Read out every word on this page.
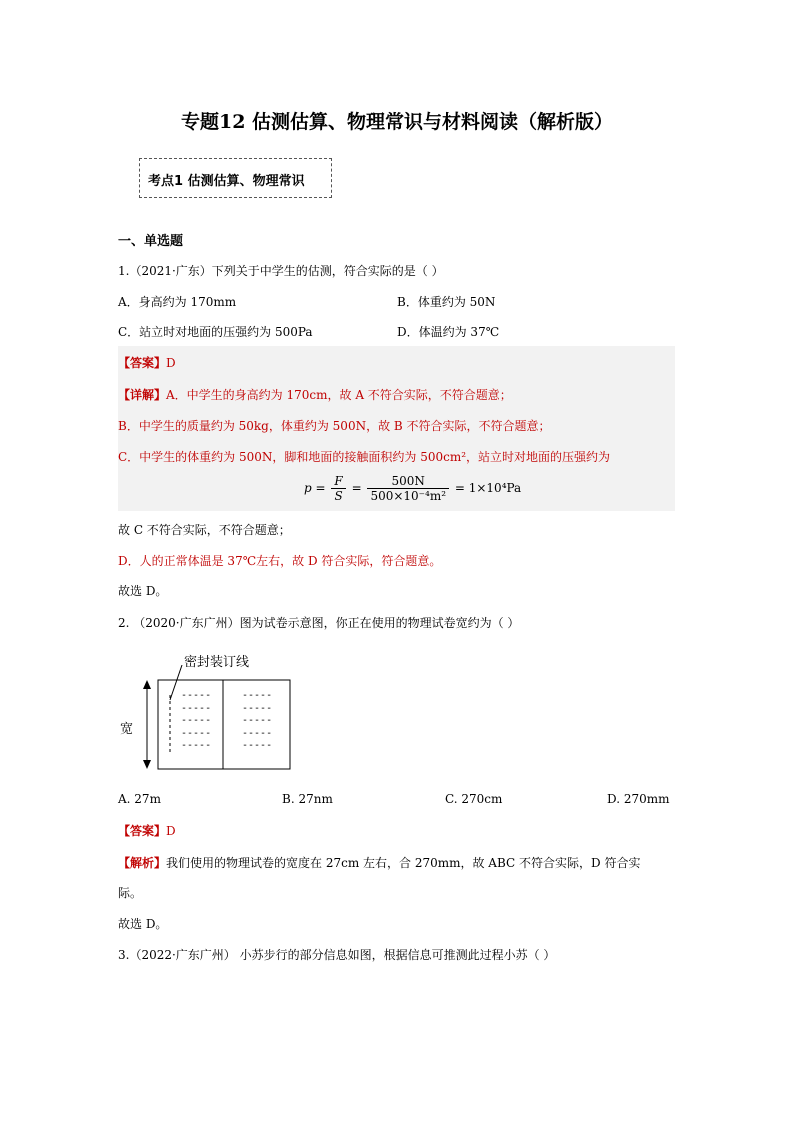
专题12 估测估算、物理常识与材料阅读（解析版）
考点1 估测估算、物理常识
一、单选题
1.（2021·广东）下列关于中学生的估测，符合实际的是（ ）
A．身高约为 170mm	B．体重约为 50N
C．站立时对地面的压强约为 500Pa	D．体温约为 37℃
【答案】D
【详解】A．中学生的身高约为 170cm，故 A 不符合实际，不符合题意；
B．中学生的质量约为 50kg，体重约为 500N，故 B 不符合实际，不符合题意；
C．中学生的体重约为 500N，脚和地面的接触面积约为 500cm²，站立时对地面的压强约为
$p = \frac{F}{S} = \frac{500N}{\text{500×10⁻⁴m²}} = 1\times 10^4Pa$
故 C 不符合实际，不符合题意；
D．人的正常体温是 37℃左右，故 D 符合实际，符合题意。
故选 D。
2. （2020·广东广州）图为试卷示意图，你正在使用的物理试卷宽约为（ ）
密封装订线
宽
-----
-----
-----
-----
-----
-----
-----
-----
-----
-----
A. 27m	B. 27nm	C. 270cm	D. 270mm
【答案】D
【解析】我们使用的物理试卷的宽度在 27cm 左右，合 270mm，故 ABC 不符合实际，D 符合实
际。
故选 D。
3.（2022·广东广州） 小苏步行的部分信息如图，根据信息可推测此过程小苏（ ）
